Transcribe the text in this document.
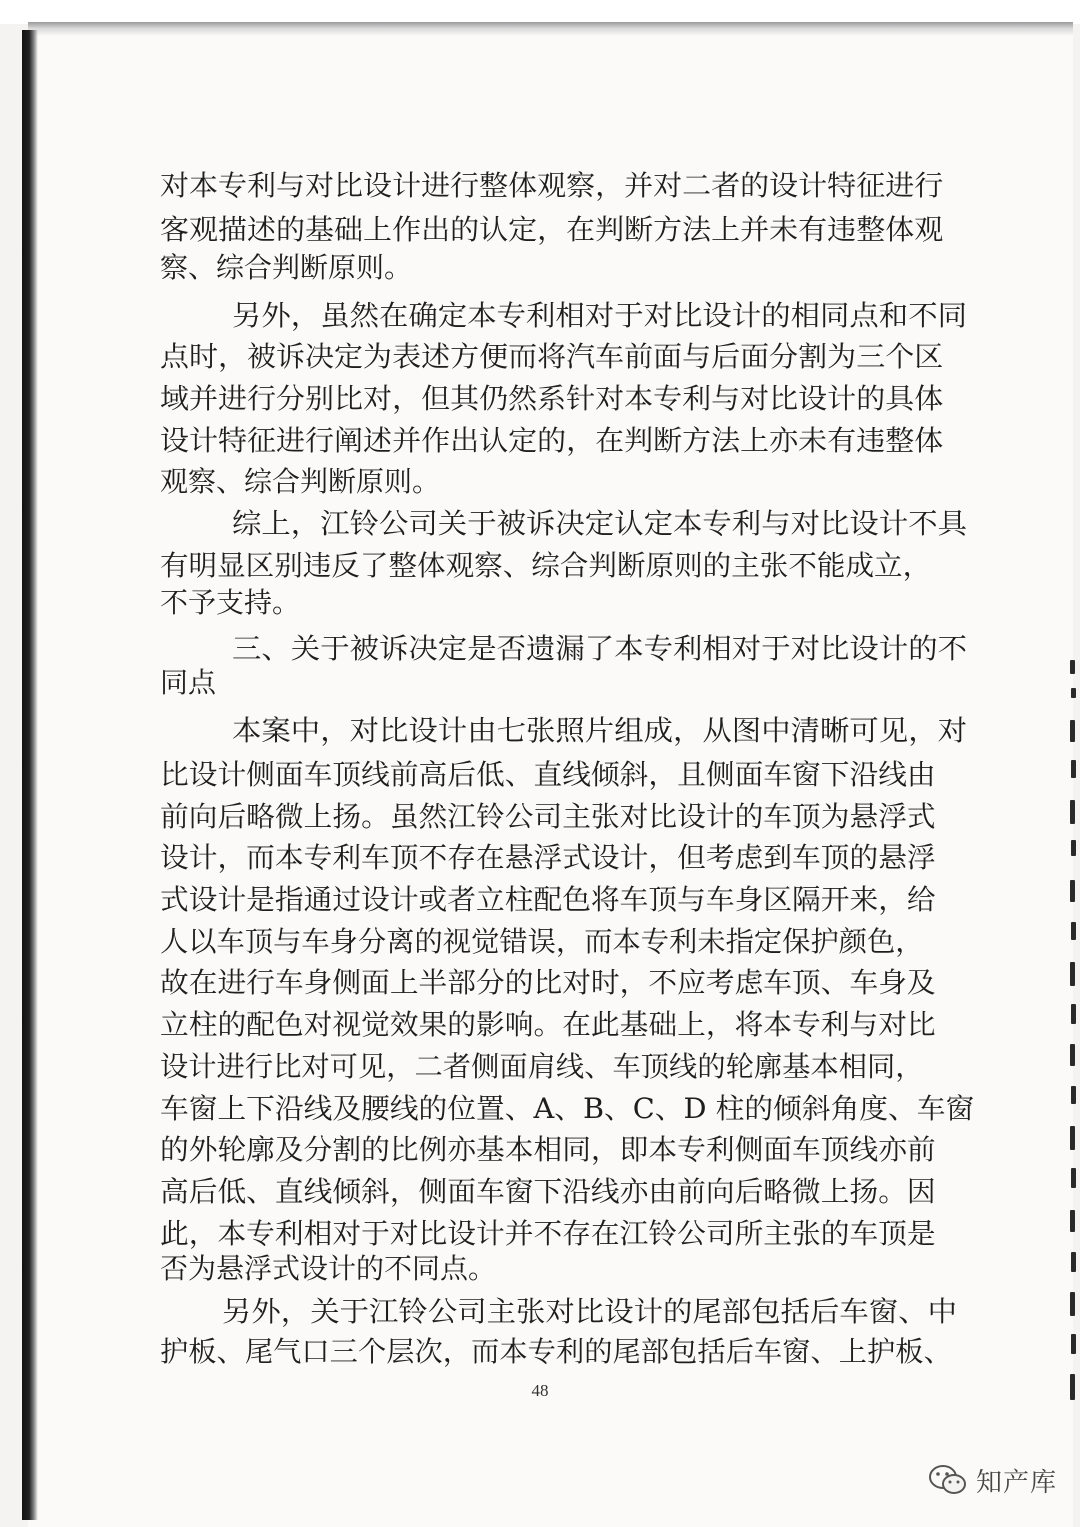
对本专利与对比设计进行整体观察，并对二者的设计特征进行
客观描述的基础上作出的认定，在判断方法上并未有违整体观
察、综合判断原则。
另外，虽然在确定本专利相对于对比设计的相同点和不同
点时，被诉决定为表述方便而将汽车前面与后面分割为三个区
域并进行分别比对，但其仍然系针对本专利与对比设计的具体
设计特征进行阐述并作出认定的，在判断方法上亦未有违整体
观察、综合判断原则。
综上，江铃公司关于被诉决定认定本专利与对比设计不具
有明显区别违反了整体观察、综合判断原则的主张不能成立，
不予支持。
三、关于被诉决定是否遗漏了本专利相对于对比设计的不
同点
本案中，对比设计由七张照片组成，从图中清晰可见，对
比设计侧面车顶线前高后低、直线倾斜，且侧面车窗下沿线由
前向后略微上扬。虽然江铃公司主张对比设计的车顶为悬浮式
设计，而本专利车顶不存在悬浮式设计，但考虑到车顶的悬浮
式设计是指通过设计或者立柱配色将车顶与车身区隔开来，给
人以车顶与车身分离的视觉错误，而本专利未指定保护颜色，
故在进行车身侧面上半部分的比对时，不应考虑车顶、车身及
立柱的配色对视觉效果的影响。在此基础上，将本专利与对比
设计进行比对可见，二者侧面肩线、车顶线的轮廓基本相同，
车窗上下沿线及腰线的位置、A、B、C、D 柱的倾斜角度、车窗
的外轮廓及分割的比例亦基本相同，即本专利侧面车顶线亦前
高后低、直线倾斜，侧面车窗下沿线亦由前向后略微上扬。因
此，本专利相对于对比设计并不存在江铃公司所主张的车顶是
否为悬浮式设计的不同点。
另外，关于江铃公司主张对比设计的尾部包括后车窗、中
护板、尾气口三个层次，而本专利的尾部包括后车窗、上护板、
48
知产库
